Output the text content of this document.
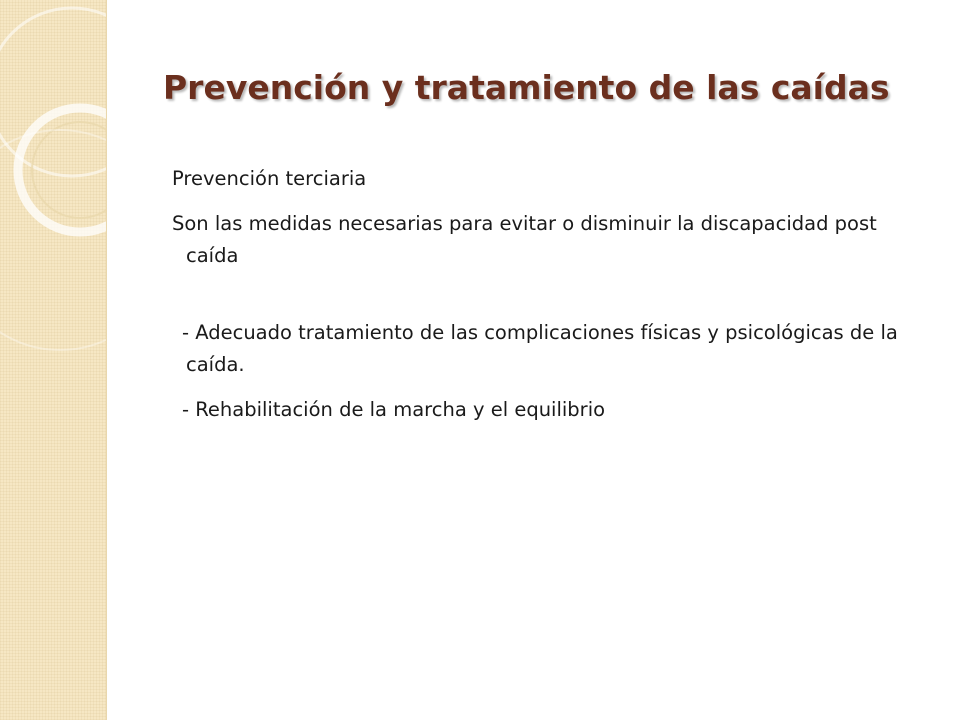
Prevención y tratamiento de las caídas

Prevención terciaria

Son las medidas necesarias para evitar o disminuir la discapacidad post caída

- Adecuado tratamiento de las complicaciones físicas y psicológicas de la caída.

- Rehabilitación de la marcha y el equilibrio
